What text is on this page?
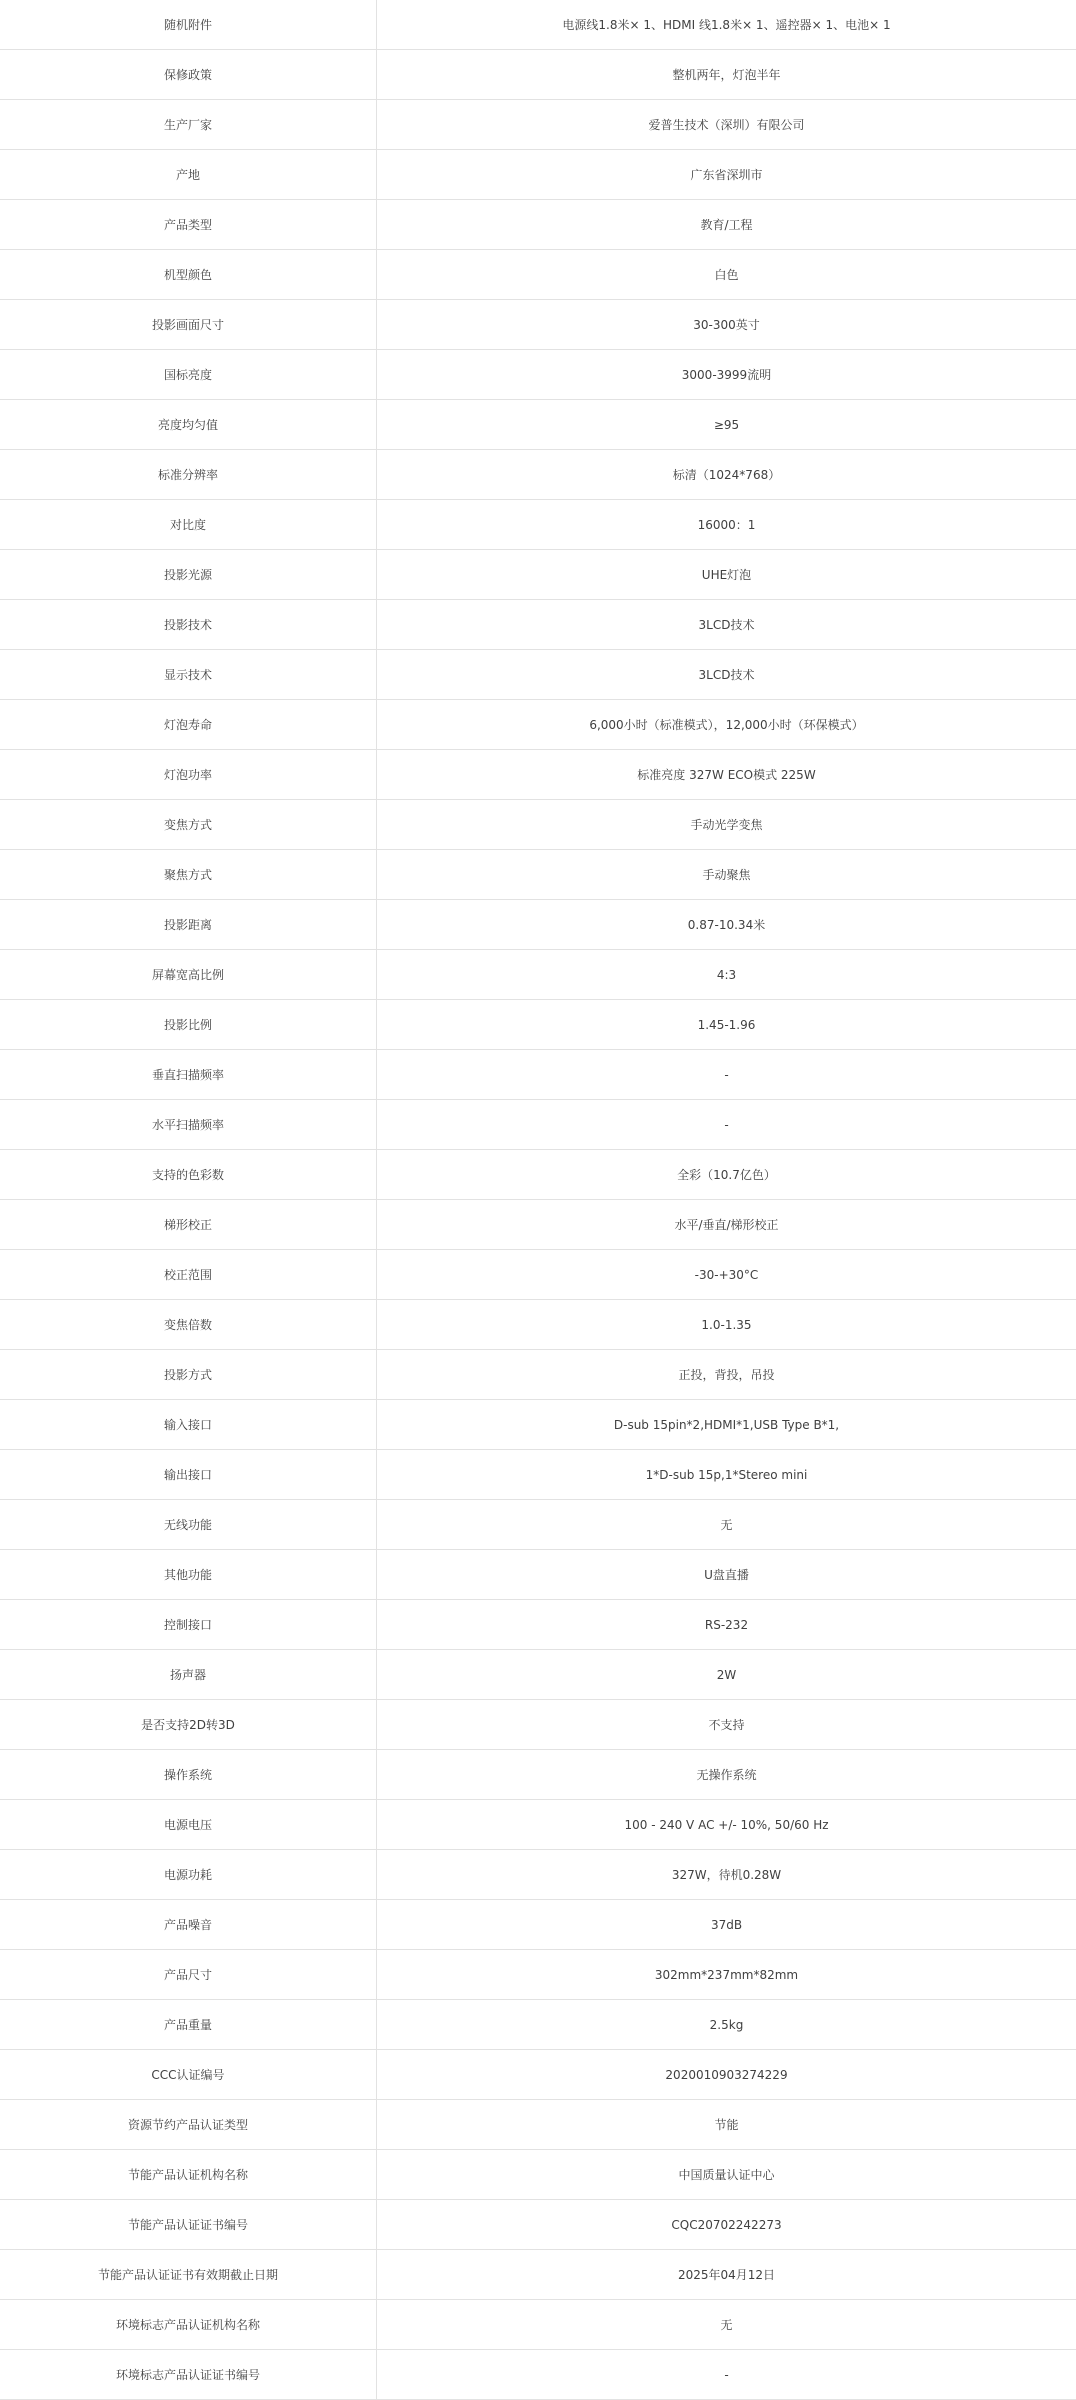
随机附件	电源线1.8米× 1、HDMI 线1.8米× 1、遥控器× 1、电池× 1
保修政策	整机两年，灯泡半年
生产厂家	爱普生技术（深圳）有限公司
产地	广东省深圳市
产品类型	教育/工程
机型颜色	白色
投影画面尺寸	30-300英寸
国标亮度	3000-3999流明
亮度均匀值	≥95
标准分辨率	标清（1024*768）
对比度	16000：1
投影光源	UHE灯泡
投影技术	3LCD技术
显示技术	3LCD技术
灯泡寿命	6,000小时（标准模式），12,000小时（环保模式）
灯泡功率	标准亮度 327W ECO模式 225W
变焦方式	手动光学变焦
聚焦方式	手动聚焦
投影距离	0.87-10.34米
屏幕宽高比例	4:3
投影比例	1.45-1.96
垂直扫描频率	-
水平扫描频率	-
支持的色彩数	全彩（10.7亿色）
梯形校正	水平/垂直/梯形校正
校正范围	-30-+30°C
变焦倍数	1.0-1.35
投影方式	正投，背投，吊投
输入接口	D-sub 15pin*2,HDMI*1,USB Type B*1,
输出接口	1*D-sub 15p,1*Stereo mini
无线功能	无
其他功能	U盘直播
控制接口	RS-232
扬声器	2W
是否支持2D转3D	不支持
操作系统	无操作系统
电源电压	100 - 240 V AC +/- 10%, 50/60 Hz
电源功耗	327W，待机0.28W
产品噪音	37dB
产品尺寸	302mm*237mm*82mm
产品重量	2.5kg
CCC认证编号	2020010903274229
资源节约产品认证类型	节能
节能产品认证机构名称	中国质量认证中心
节能产品认证证书编号	CQC20702242273
节能产品认证证书有效期截止日期	2025年04月12日
环境标志产品认证机构名称	无
环境标志产品认证证书编号	-
